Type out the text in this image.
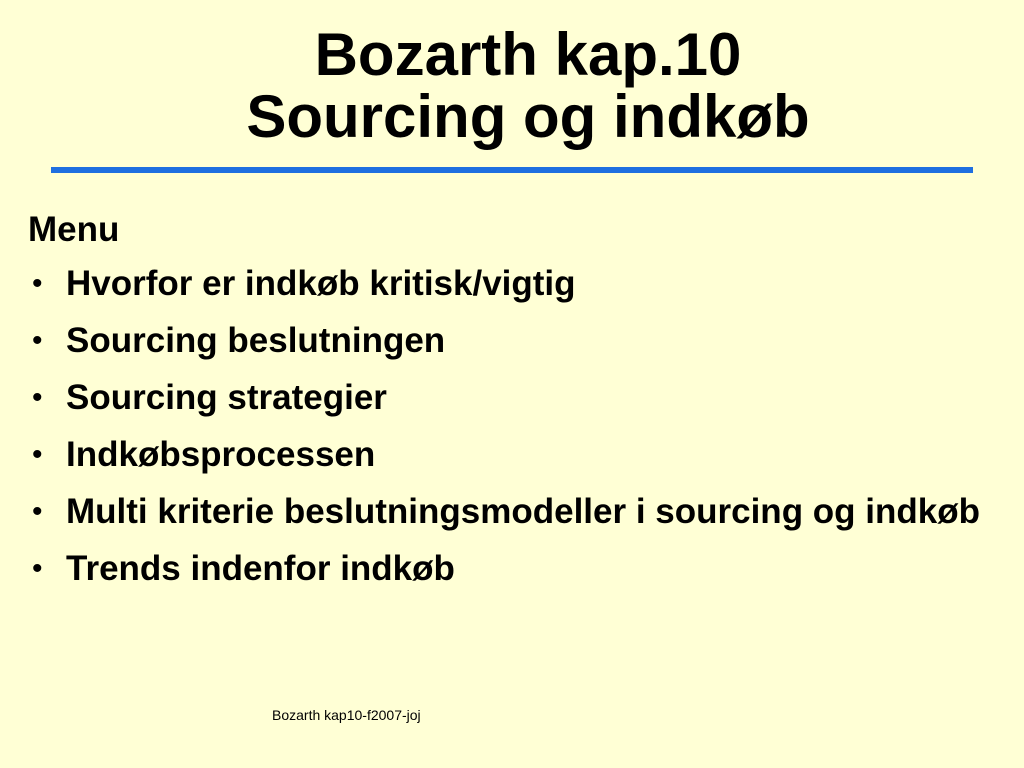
Bozarth kap.10
Sourcing og indkøb
Menu
• Hvorfor er indkøb kritisk/vigtig
• Sourcing beslutningen
• Sourcing strategier
• Indkøbsprocessen
• Multi kriterie beslutningsmodeller i sourcing og indkøb
• Trends indenfor indkøb
Bozarth kap10-f2007-joj
